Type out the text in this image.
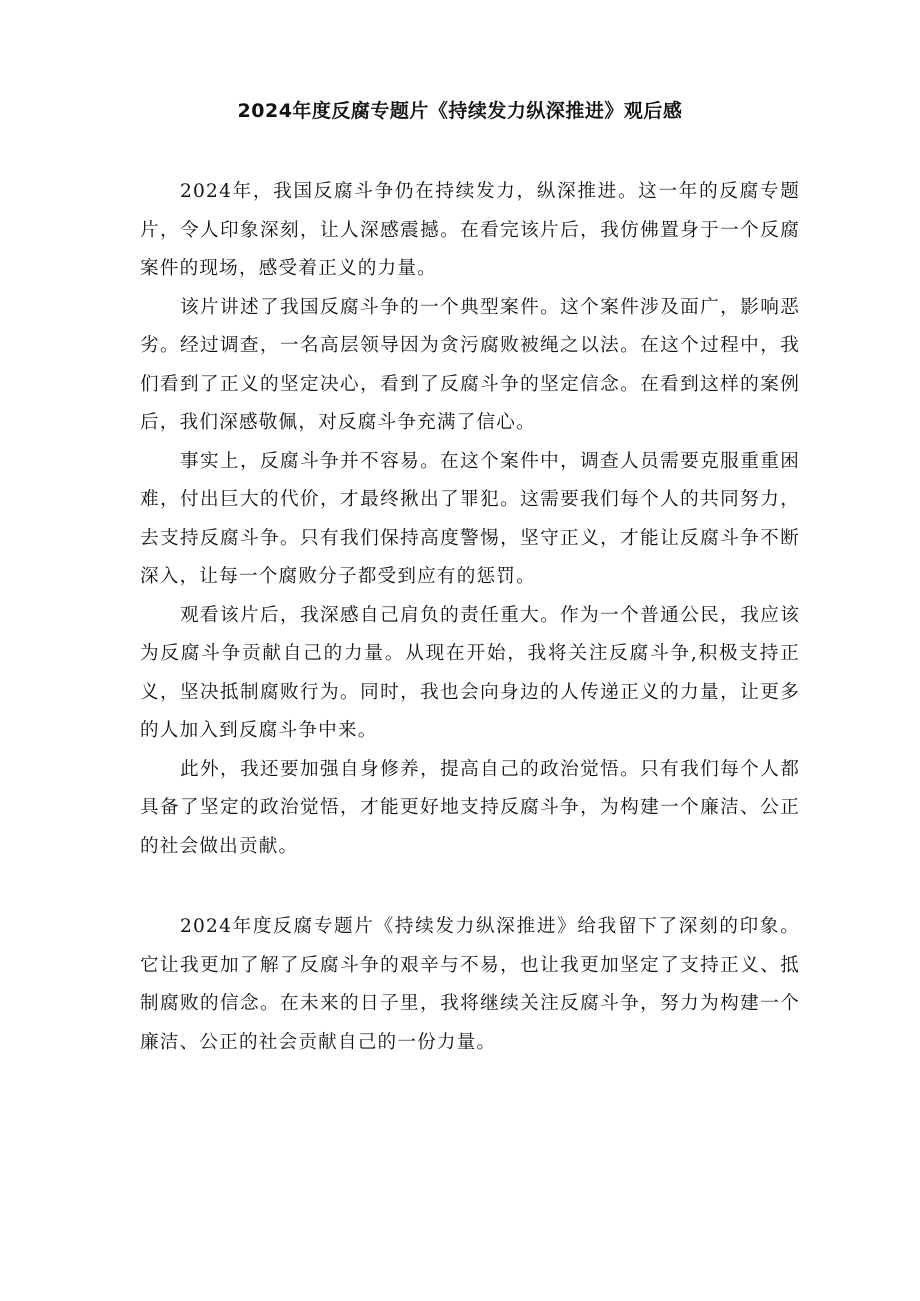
2024年度反腐专题片《持续发力纵深推进》观后感

2024年，我国反腐斗争仍在持续发力，纵深推进。这一年的反腐专题片，令人印象深刻，让人深感震撼。在看完该片后，我仿佛置身于一个反腐案件的现场，感受着正义的力量。

该片讲述了我国反腐斗争的一个典型案件。这个案件涉及面广，影响恶劣。经过调查，一名高层领导因为贪污腐败被绳之以法。在这个过程中，我们看到了正义的坚定决心，看到了反腐斗争的坚定信念。在看到这样的案例后，我们深感敬佩，对反腐斗争充满了信心。

事实上，反腐斗争并不容易。在这个案件中，调查人员需要克服重重困难，付出巨大的代价，才最终揪出了罪犯。这需要我们每个人的共同努力，去支持反腐斗争。只有我们保持高度警惕，坚守正义，才能让反腐斗争不断深入，让每一个腐败分子都受到应有的惩罚。

观看该片后，我深感自己肩负的责任重大。作为一个普通公民，我应该为反腐斗争贡献自己的力量。从现在开始，我将关注反腐斗争,积极支持正义，坚决抵制腐败行为。同时，我也会向身边的人传递正义的力量，让更多的人加入到反腐斗争中来。

此外，我还要加强自身修养，提高自己的政治觉悟。只有我们每个人都具备了坚定的政治觉悟，才能更好地支持反腐斗争，为构建一个廉洁、公正的社会做出贡献。

2024年度反腐专题片《持续发力纵深推进》给我留下了深刻的印象。它让我更加了解了反腐斗争的艰辛与不易，也让我更加坚定了支持正义、抵制腐败的信念。在未来的日子里，我将继续关注反腐斗争，努力为构建一个廉洁、公正的社会贡献自己的一份力量。
